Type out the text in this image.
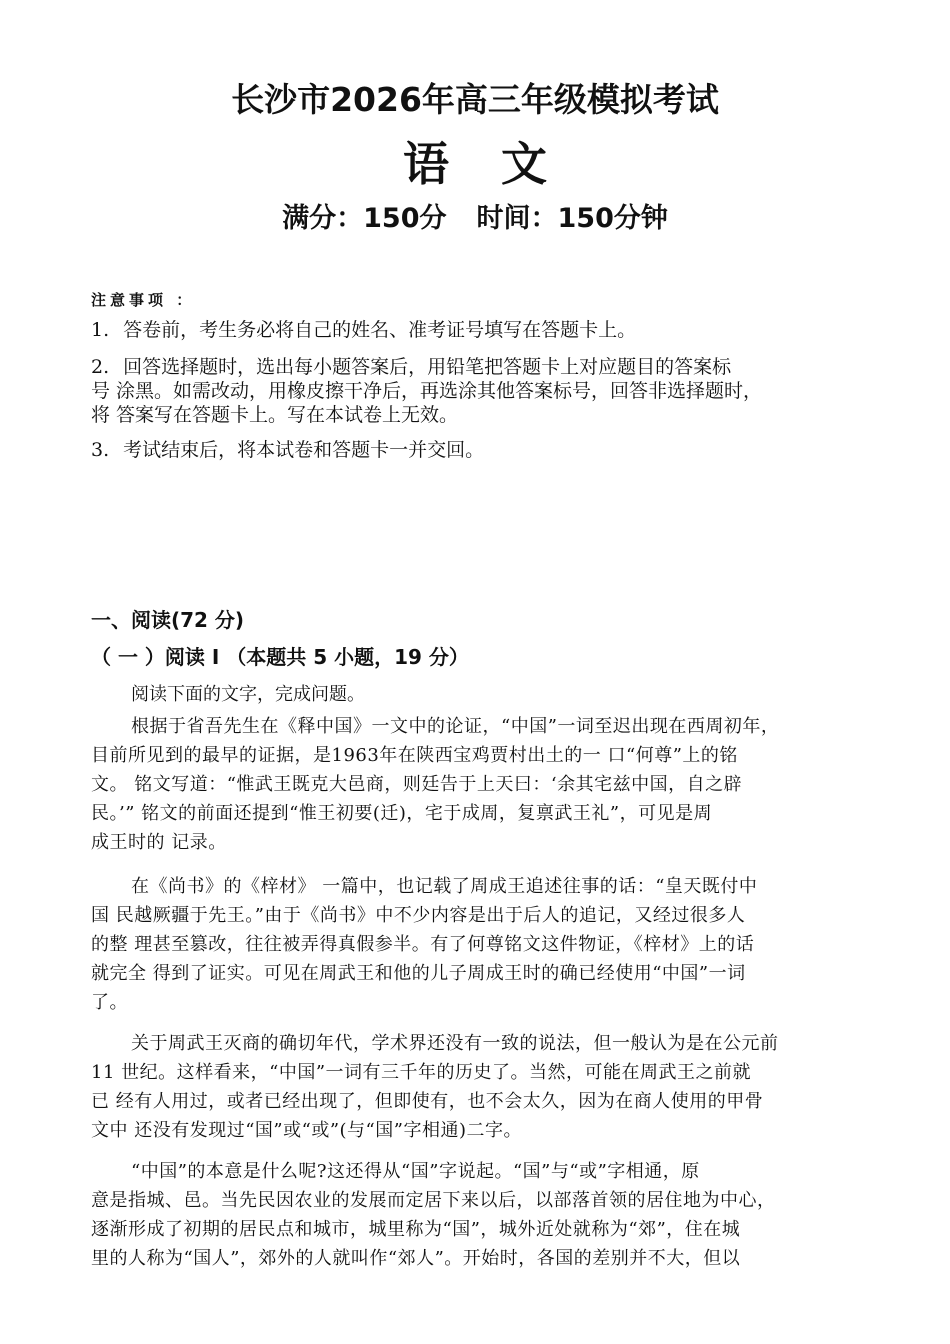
长沙市2026年高三年级模拟考试
语文
满分：150分 时间：150分钟
注意事项 ：
1. 答卷前，考生务必将自己的姓名、准考证号填写在答题卡上。
2. 回答选择题时，选出每小题答案后，用铅笔把答题卡上对应题目的答案标
号 涂黑。如需改动，用橡皮擦干净后，再选涂其他答案标号，回答非选择题时，
将 答案写在答题卡上。写在本试卷上无效。
3. 考试结束后，将本试卷和答题卡一并交回。
一、阅读(72 分)
（ 一 ）阅读 I （本题共 5 小题，19 分）
阅读下面的文字，完成问题。
根据于省吾先生在《释中国》一文中的论证，“中国”一词至迟出现在西周初年，
目前所见到的最早的证据，是1963年在陕西宝鸡贾村出土的一 口“何尊”上的铭
文。 铭文写道：“惟武王既克大邑商，则廷告于上天曰：‘余其宅兹中国，自之辟
民。’” 铭文的前面还提到“惟王初要(迁)，宅于成周，复禀武王礼”，可见是周
成王时的 记录。
在《尚书》的《梓材》 一篇中，也记载了周成王追述往事的话：“皇天既付中
国 民越厥疆于先王。”由于《尚书》中不少内容是出于后人的追记，又经过很多人
的整 理甚至篡改，往往被弄得真假参半。有了何尊铭文这件物证，《梓材》上的话
就完全 得到了证实。可见在周武王和他的儿子周成王时的确已经使用“中国”一词
了。
关于周武王灭商的确切年代，学术界还没有一致的说法，但一般认为是在公元前
11 世纪。这样看来，“中国”一词有三千年的历史了。当然，可能在周武王之前就
已 经有人用过，或者已经出现了，但即使有，也不会太久，因为在商人使用的甲骨
文中 还没有发现过“国”或“或”(与“国”字相通)二字。
“中国”的本意是什么呢?这还得从“国”字说起。“国”与“或”字相通，原
意是指城、邑。当先民因农业的发展而定居下来以后，以部落首领的居住地为中心，
逐渐形成了初期的居民点和城市，城里称为“国”，城外近处就称为“郊”，住在城
里的人称为“国人”，郊外的人就叫作“郊人”。开始时，各国的差别并不大，但以
